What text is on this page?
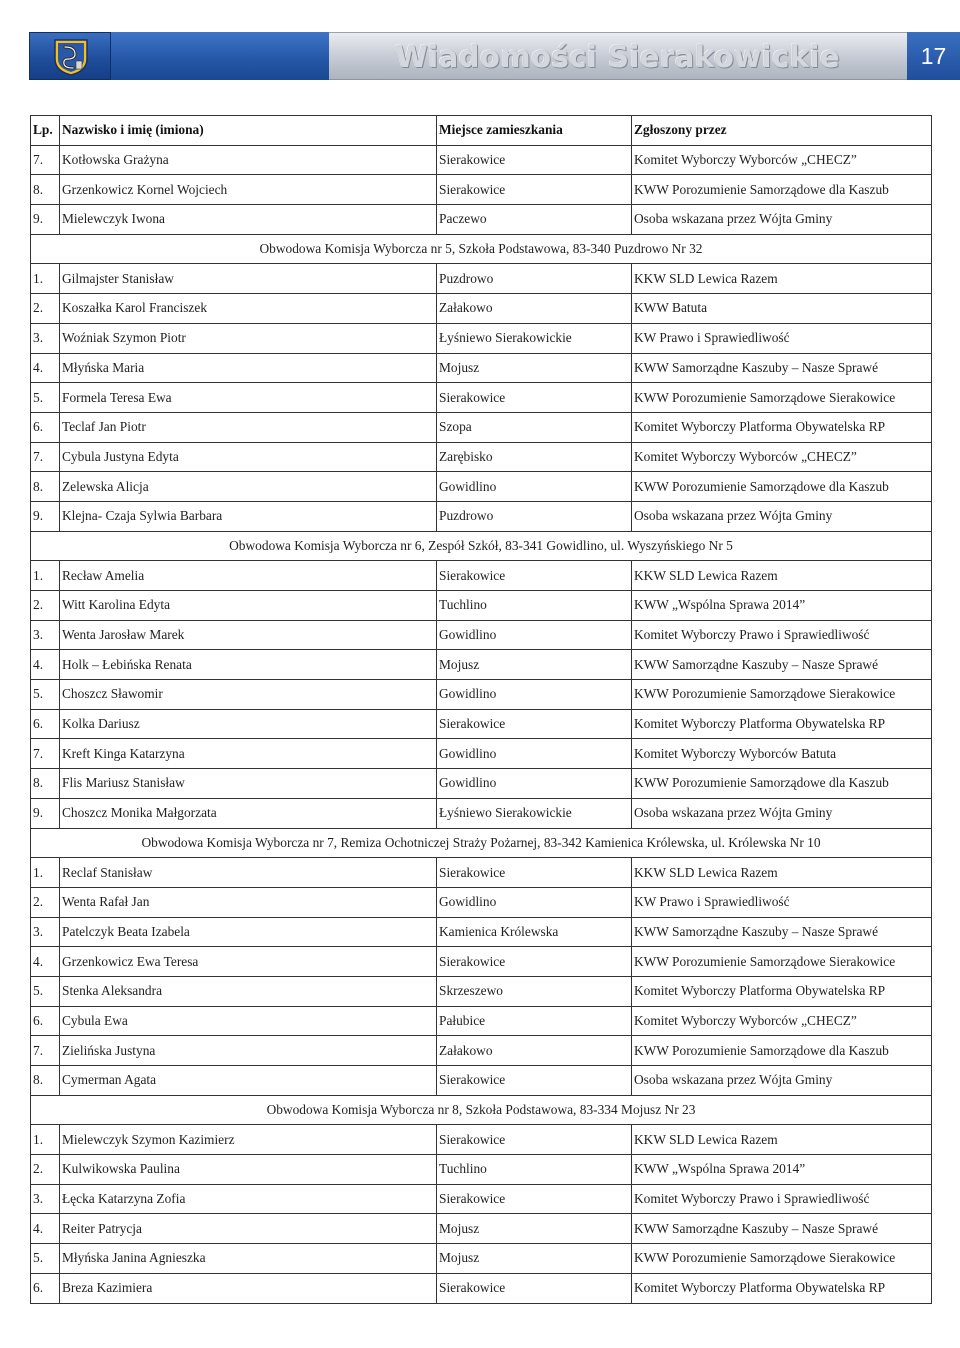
Wiadomości Sierakowickie	17
Lp.	Nazwisko i imię (imiona)	Miejsce zamieszkania	Zgłoszony przez
7.	Kotłowska Grażyna	Sierakowice	Komitet Wyborczy Wyborców „CHECZ”
8.	Grzenkowicz Kornel Wojciech	Sierakowice	KWW Porozumienie Samorządowe dla Kaszub
9.	Mielewczyk Iwona	Paczewo	Osoba wskazana przez Wójta Gminy
Obwodowa Komisja Wyborcza nr 5, Szkoła Podstawowa, 83-340 Puzdrowo Nr 32			
1.	Gilmajster Stanisław	Puzdrowo	KKW SLD Lewica Razem
2.	Koszałka Karol Franciszek	Załakowo	KWW Batuta
3.	Woźniak Szymon Piotr	Łyśniewo Sierakowickie	KW Prawo i Sprawiedliwość
4.	Młyńska Maria	Mojusz	KWW Samorządne Kaszuby – Nasze Sprawé
5.	Formela Teresa Ewa	Sierakowice	KWW Porozumienie Samorządowe Sierakowice
6.	Teclaf Jan Piotr	Szopa	Komitet Wyborczy Platforma Obywatelska RP
7.	Cybula Justyna Edyta	Zarębisko	Komitet Wyborczy Wyborców „CHECZ”
8.	Zelewska Alicja	Gowidlino	KWW Porozumienie Samorządowe dla Kaszub
9.	Klejna- Czaja Sylwia Barbara	Puzdrowo	Osoba wskazana przez Wójta Gminy
Obwodowa Komisja Wyborcza nr 6, Zespół Szkół, 83-341 Gowidlino, ul. Wyszyńskiego Nr 5			
1.	Recław Amelia	Sierakowice	KKW SLD Lewica Razem
2.	Witt Karolina Edyta	Tuchlino	KWW „Wspólna Sprawa 2014”
3.	Wenta Jarosław Marek	Gowidlino	Komitet Wyborczy Prawo i Sprawiedliwość
4.	Holk – Łebińska Renata	Mojusz	KWW Samorządne Kaszuby – Nasze Sprawé
5.	Choszcz Sławomir	Gowidlino	KWW Porozumienie Samorządowe Sierakowice
6.	Kolka Dariusz	Sierakowice	Komitet Wyborczy Platforma Obywatelska RP
7.	Kreft Kinga Katarzyna	Gowidlino	Komitet Wyborczy Wyborców Batuta
8.	Flis Mariusz Stanisław	Gowidlino	KWW Porozumienie Samorządowe dla Kaszub
9.	Choszcz Monika Małgorzata	Łyśniewo Sierakowickie	Osoba wskazana przez Wójta Gminy
Obwodowa Komisja Wyborcza nr 7, Remiza Ochotniczej Straży Pożarnej, 83-342 Kamienica Królewska, ul. Królewska Nr 10			
1.	Reclaf Stanisław	Sierakowice	KKW SLD Lewica Razem
2.	Wenta Rafał Jan	Gowidlino	KW Prawo i Sprawiedliwość
3.	Patelczyk Beata Izabela	Kamienica Królewska	KWW Samorządne Kaszuby – Nasze Sprawé
4.	Grzenkowicz Ewa Teresa	Sierakowice	KWW Porozumienie Samorządowe Sierakowice
5.	Stenka Aleksandra	Skrzeszewo	Komitet Wyborczy Platforma Obywatelska RP
6.	Cybula Ewa	Pałubice	Komitet Wyborczy Wyborców „CHECZ”
7.	Zielińska Justyna	Załakowo	KWW Porozumienie Samorządowe dla Kaszub
8.	Cymerman Agata	Sierakowice	Osoba wskazana przez Wójta Gminy
Obwodowa Komisja Wyborcza nr 8, Szkoła Podstawowa, 83-334 Mojusz Nr 23			
1.	Mielewczyk Szymon Kazimierz	Sierakowice	KKW SLD Lewica Razem
2.	Kulwikowska Paulina	Tuchlino	KWW „Wspólna Sprawa 2014”
3.	Łęcka Katarzyna Zofia	Sierakowice	Komitet Wyborczy Prawo i Sprawiedliwość
4.	Reiter Patrycja	Mojusz	KWW Samorządne Kaszuby – Nasze Sprawé
5.	Młyńska Janina Agnieszka	Mojusz	KWW Porozumienie Samorządowe Sierakowice
6.	Breza Kazimiera	Sierakowice	Komitet Wyborczy Platforma Obywatelska RP
